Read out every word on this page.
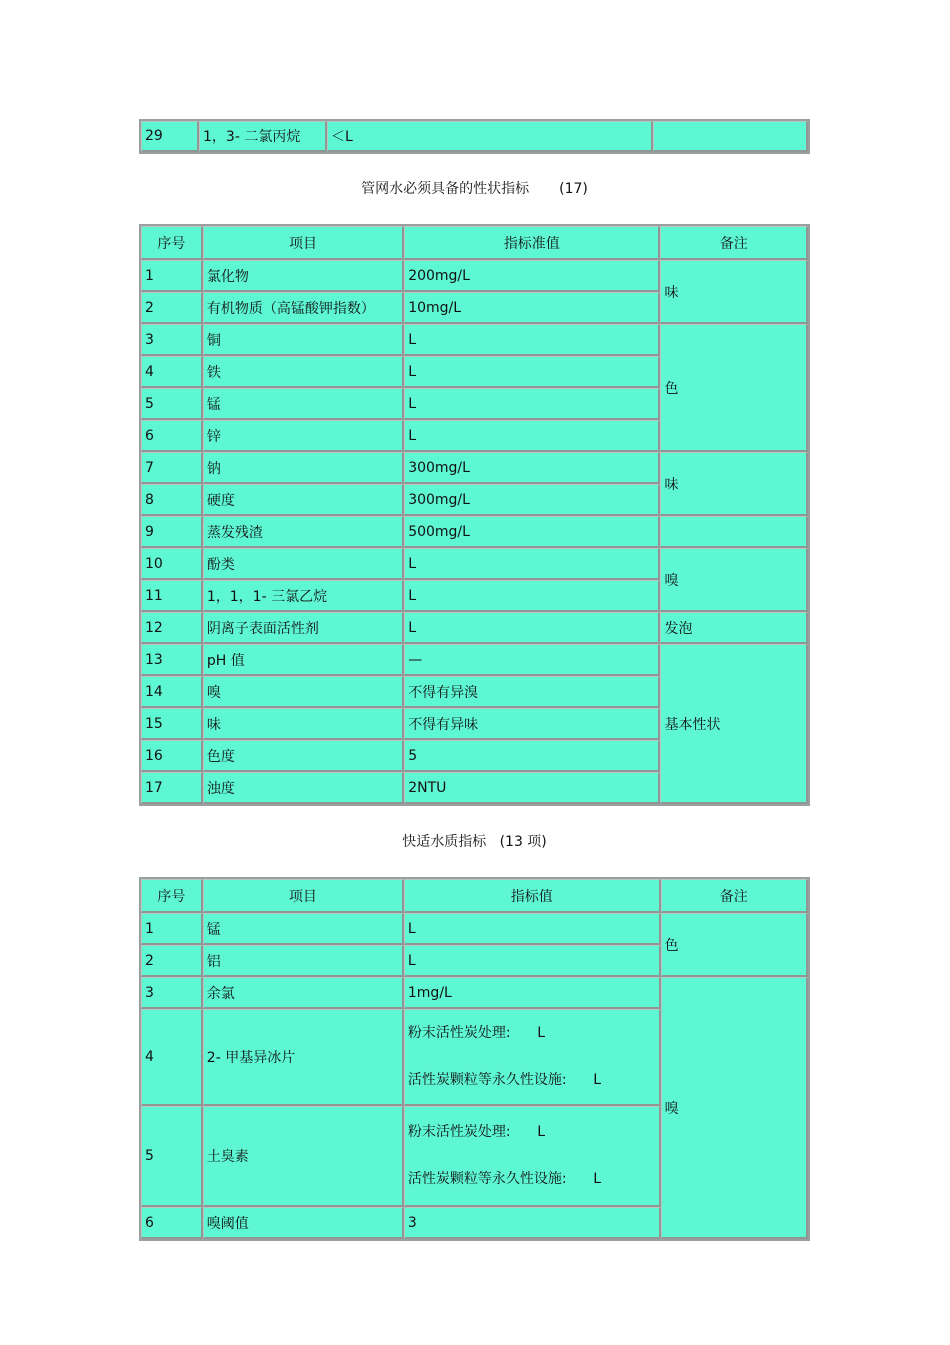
29	1，3- 二氯丙烷	＜L	
管网水必须具备的性状指标 (17)
序号	项目	指标准值	备注
1	氯化物	200mg/L	味
2	有机物质（高锰酸钾指数）	10mg/L	
3	铜	L	色
4	铁	L	
5	锰	L	
6	锌	L	
7	钠	300mg/L	味
8	硬度	300mg/L	
9	蒸发残渣	500mg/L	
10	酚类	L	嗅
11	1，1，1- 三氯乙烷	L	
12	阴离子表面活性剂	L	发泡
13	pH 值	—	基本性状
14	嗅	不得有异溴	
15	味	不得有异味	
16	色度	5	
17	浊度	2NTU	
快适水质指标 (13 项)
序号	项目	指标值	备注
1	锰	L	色
2	铝	L	
3	余氯	1mg/L	嗅
4	2- 甲基异冰片	粉末活性炭处理:      L
活性炭颗粒等永久性设施:      L	

5	土臭素	粉末活性炭处理:      L
活性炭颗粒等永久性设施:      L	

6	嗅阈值	3	
